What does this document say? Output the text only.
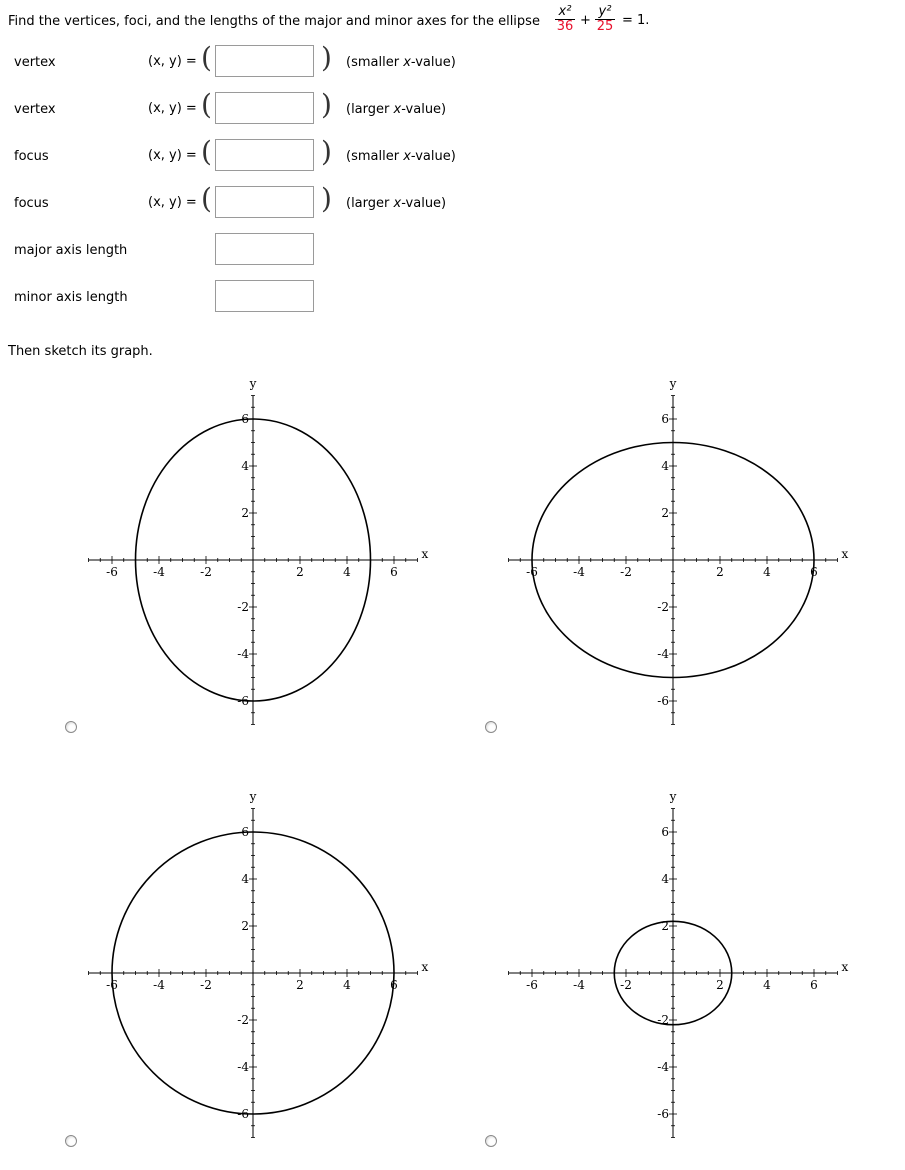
Find the vertices, foci, and the lengths of the major and minor axes for the ellipse
x²
36 +
y²
25 = 1.
vertex	(x, y) = (	) (smaller x-value)
vertex	(x, y) = (	) (larger x-value)
focus	(x, y) = (	) (smaller x-value)
focus	(x, y) = (	) (larger x-value)
major axis length
minor axis length
Then sketch its graph.
-6	-4	-2	2	4	6
6
4
2
-2
-4
-6
x
y
-6	-4	-2	2	4	6
6
4
2
-2
-4
-6
x
y
-6	-4	-2	2	4	6
6
4
2
-2
-4
-6
x
y
-6	-4	-2	2	4	6
6
4
2
-2
-4
-6
x
y
